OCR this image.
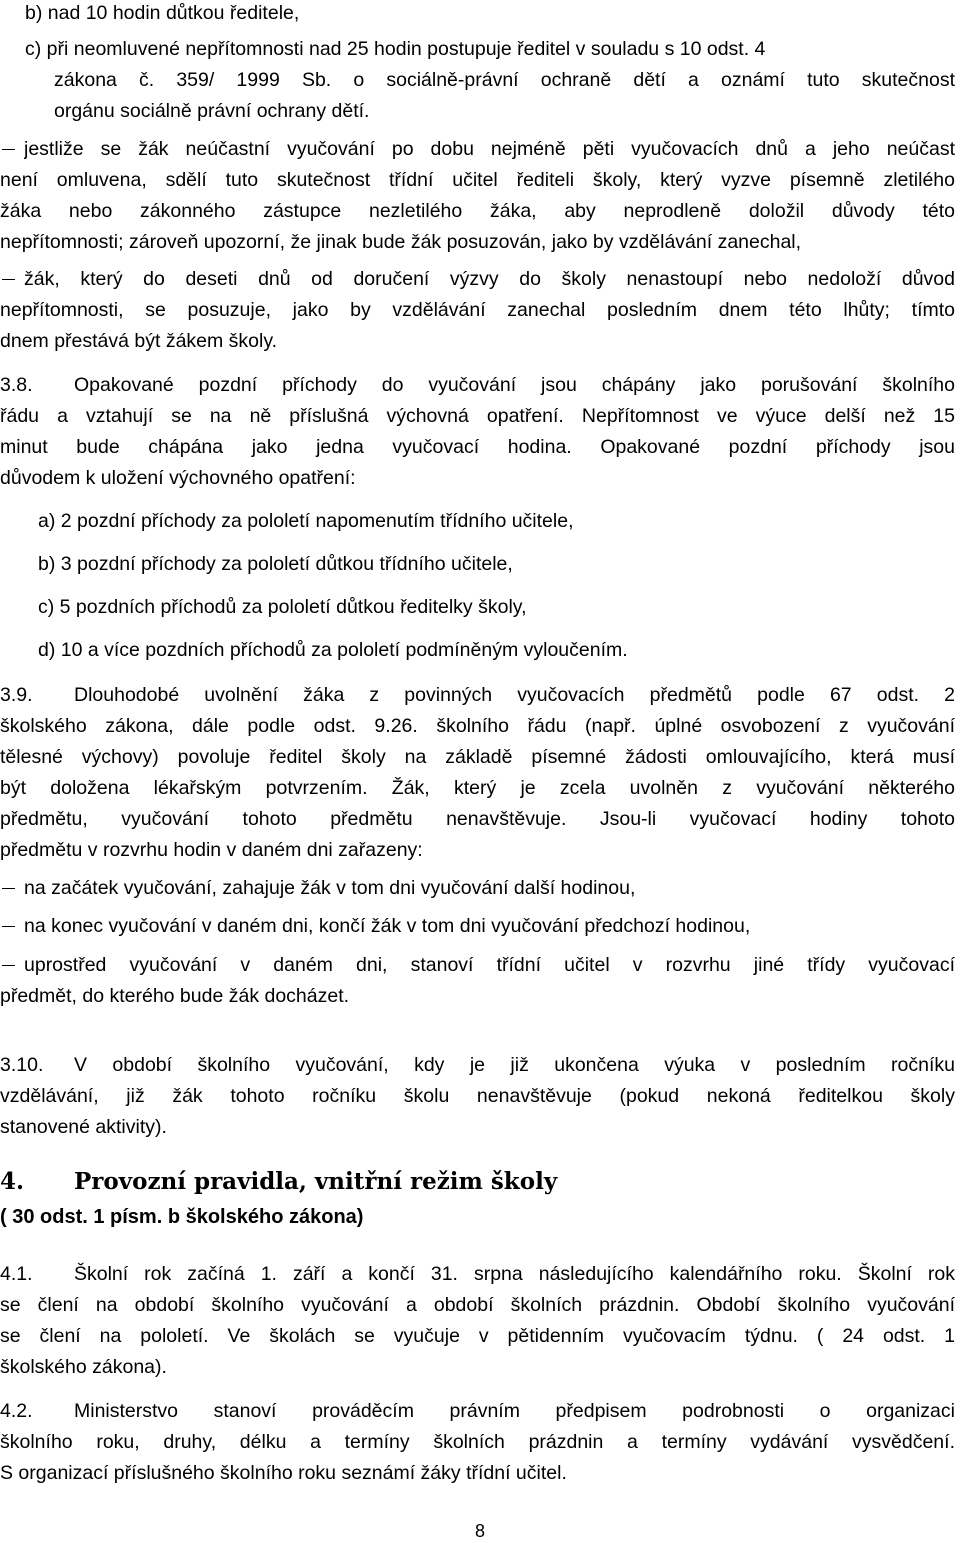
b) nad 10 hodin důtkou ředitele,
c) při neomluvené nepřítomnosti nad 25 hodin postupuje ředitel v souladu s 10 odst. 4
zákona č. 359/ 1999 Sb. o sociálně-právní ochraně dětí a oznámí tuto skutečnost
orgánu sociálně právní ochrany dětí.
jestliže se žák neúčastní vyučování po dobu nejméně pěti vyučovacích dnů a jeho neúčast
není omluvena, sdělí tuto skutečnost třídní učitel řediteli školy, který vyzve písemně zletilého
žáka nebo zákonného zástupce nezletilého žáka, aby neprodleně doložil důvody této
nepřítomnosti; zároveň upozorní, že jinak bude žák posuzován, jako by vzdělávání zanechal,
žák, který do deseti dnů od doručení výzvy do školy nenastoupí nebo nedoloží důvod
nepřítomnosti, se posuzuje, jako by vzdělávání zanechal posledním dnem této lhůty; tímto
dnem přestává být žákem školy.
3.8. Opakované pozdní příchody do vyučování jsou chápány jako porušování školního
řádu a vztahují se na ně příslušná výchovná opatření. Nepřítomnost ve výuce delší než 15
minut bude chápána jako jedna vyučovací hodina. Opakované pozdní příchody jsou
důvodem k uložení výchovného opatření:
a) 2 pozdní příchody za pololetí napomenutím třídního učitele,
b) 3 pozdní příchody za pololetí důtkou třídního učitele,
c) 5 pozdních příchodů za pololetí důtkou ředitelky školy,
d) 10 a více pozdních příchodů za pololetí podmíněným vyloučením.
3.9. Dlouhodobé uvolnění žáka z povinných vyučovacích předmětů podle 67 odst. 2
školského zákona, dále podle odst. 9.26. školního řádu (např. úplné osvobození z vyučování
tělesné výchovy) povoluje ředitel školy na základě písemné žádosti omlouvajícího, která musí
být doložena lékařským potvrzením. Žák, který je zcela uvolněn z vyučování některého
předmětu, vyučování tohoto předmětu nenavštěvuje. Jsou-li vyučovací hodiny tohoto
předmětu v rozvrhu hodin v daném dni zařazeny:
na začátek vyučování, zahajuje žák v tom dni vyučování další hodinou,
na konec vyučování v daném dni, končí žák v tom dni vyučování předchozí hodinou,
uprostřed vyučování v daném dni, stanoví třídní učitel v rozvrhu jiné třídy vyučovací
předmět, do kterého bude žák docházet.
3.10. V období školního vyučování, kdy je již ukončena výuka v posledním ročníku
vzdělávání, již žák tohoto ročníku školu nenavštěvuje (pokud nekoná ředitelkou školy
stanovené aktivity).
4. Provozní pravidla, vnitřní režim školy
( 30 odst. 1 písm. b školského zákona)
4.1. Školní rok začíná 1. září a končí 31. srpna následujícího kalendářního roku. Školní rok
se člení na období školního vyučování a období školních prázdnin. Období školního vyučování
se člení na pololetí. Ve školách se vyučuje v pětidenním vyučovacím týdnu. ( 24 odst. 1
školského zákona).
4.2. Ministerstvo stanoví prováděcím právním předpisem podrobnosti o organizaci
školního roku, druhy, délku a termíny školních prázdnin a termíny vydávání vysvědčení.
S organizací příslušného školního roku seznámí žáky třídní učitel.
8
